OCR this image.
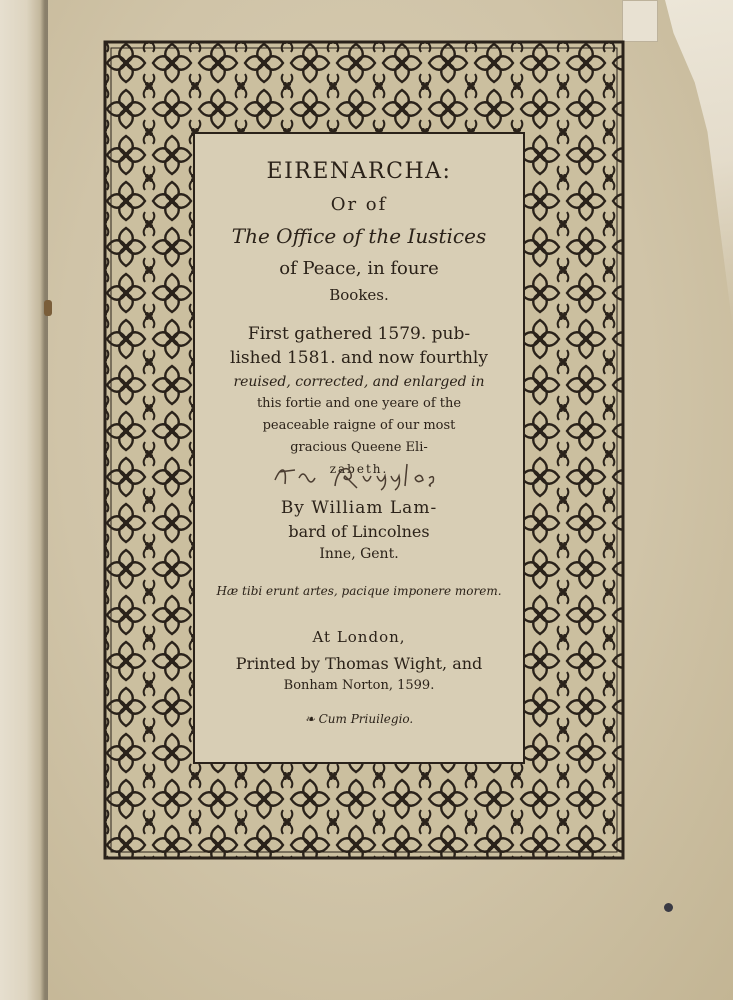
EIRENARCHA:

Or of

The Office of the Iustices

of Peace, in foure

Bookes.

First gathered 1579. pub-

lished 1581. and now fourthly

reuised, corrected, and enlarged in

this fortie and one yeare of the

peaceable raigne of our most

gracious Queene Eli-

zabeth.

By William Lam-

bard of Lincolnes

Inne, Gent.

Hæ tibi erunt artes, pacique imponere morem.

At London,

Printed by Thomas Wight, and

Bonham Norton, 1599.

❧ Cum Priuilegio.
